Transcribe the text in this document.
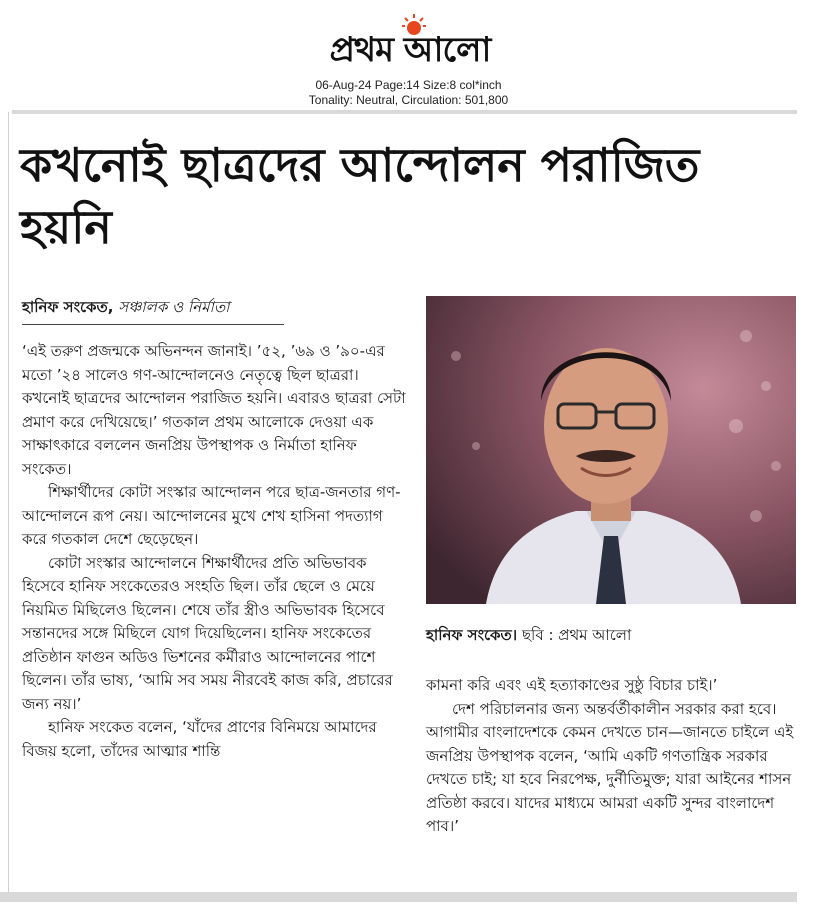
প্রথম আলো
06-Aug-24 Page:14 Size:8 col*inch
Tonality: Neutral, Circulation: 501,800
কখনোই ছাত্রদের আন্দোলন পরাজিত হয়নি
হানিফ সংকেত, সঞ্চালক ও নির্মাতা

‘এই তরুণ প্রজন্মকে অভিনন্দন জানাই। ’৫২, ’৬৯ ও ’৯০-এর মতো ’২৪ সালেও গণ-আন্দোলনেও নেতৃত্বে ছিল ছাত্ররা। কখনোই ছাত্রদের আন্দোলন পরাজিত হয়নি। এবারও ছাত্ররা সেটা প্রমাণ করে দেখিয়েছে।’ গতকাল প্রথম আলোকে দেওয়া এক সাক্ষাৎকারে বললেন জনপ্রিয় উপস্থাপক ও নির্মাতা হানিফ সংকেত।

শিক্ষার্থীদের কোটা সংস্কার আন্দোলন পরে ছাত্র-জনতার গণ-আন্দোলনে রূপ নেয়। আন্দোলনের মুখে শেখ হাসিনা পদত্যাগ করে গতকাল দেশে ছেড়েছেন।

কোটা সংস্কার আন্দোলনে শিক্ষার্থীদের প্রতি অভিভাবক হিসেবে হানিফ সংকেতেরও সংহতি ছিল। তাঁর ছেলে ও মেয়ে নিয়মিত মিছিলেও ছিলেন। শেষে তাঁর স্ত্রীও অভিভাবক হিসেবে সন্তানদের সঙ্গে মিছিলে যোগ দিয়েছিলেন। হানিফ সংকেতের প্রতিষ্ঠান ফাগুন অডিও ভিশনের কর্মীরাও আন্দোলনের পাশে ছিলেন। তাঁর ভাষ্য, ‘আমি সব সময় নীরবেই কাজ করি, প্রচারের জন্য নয়।’

হানিফ সংকেত বলেন, ‘যাঁদের প্রাণের বিনিময়ে আমাদের বিজয় হলো, তাঁদের আত্মার শান্তি

হানিফ সংকেত। ছবি : প্রথম আলো

কামনা করি এবং এই হত্যাকাণ্ডের সুষ্ঠু বিচার চাই।’

দেশ পরিচালনার জন্য অন্তর্বর্তীকালীন সরকার করা হবে। আগামীর বাংলাদেশকে কেমন দেখতে চান—জানতে চাইলে এই জনপ্রিয় উপস্থাপক বলেন, ‘আমি একটি গণতান্ত্রিক সরকার দেখতে চাই; যা হবে নিরপেক্ষ, দুর্নীতিমুক্ত; যারা আইনের শাসন প্রতিষ্ঠা করবে। যাদের মাধ্যমে আমরা একটি সুন্দর বাংলাদেশ পাব।’
